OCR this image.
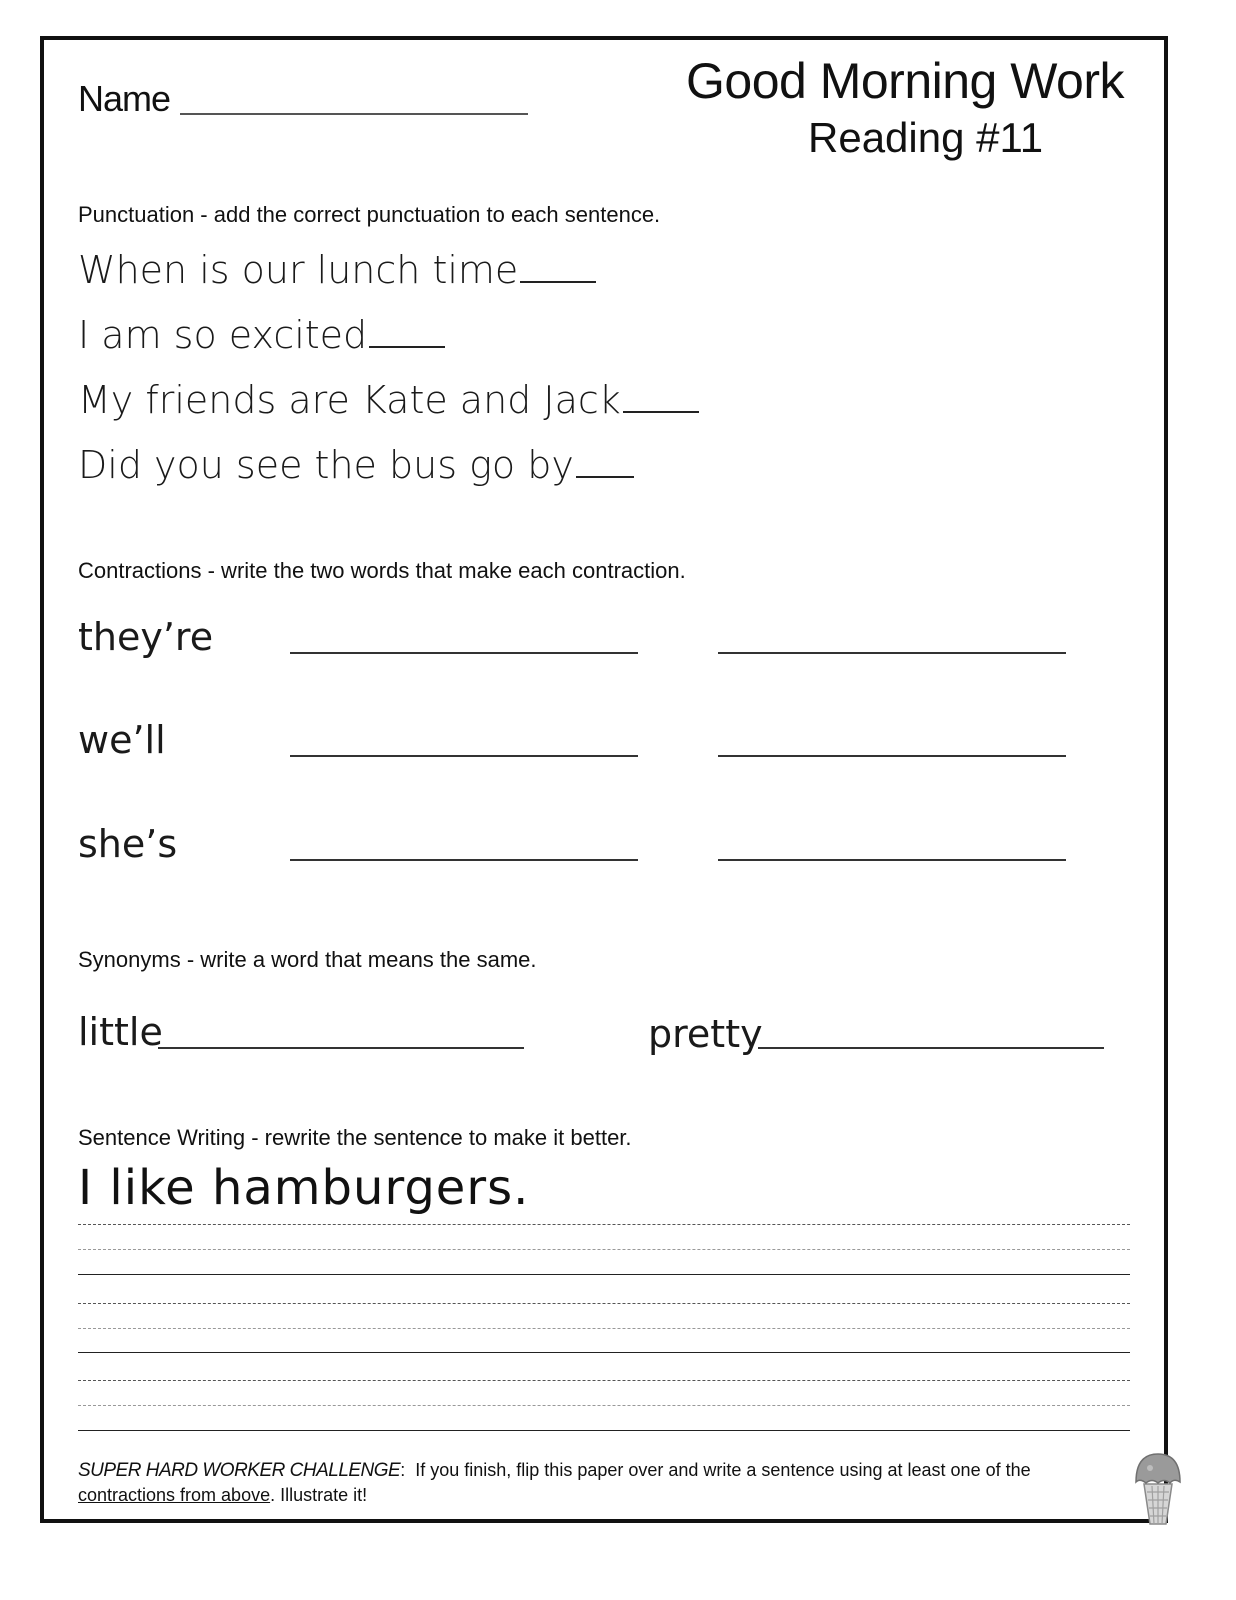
Name	Good Morning Work
Reading #11
Punctuation - add the correct punctuation to each sentence.
When is our lunch time
I am so excited
My friends are Kate and Jack
Did you see the bus go by
Contractions - write the two words that make each contraction.
they’re
we’ll
she’s
Synonyms - write a word that means the same.
little	pretty
Sentence Writing - rewrite the sentence to make it better.
I like hamburgers.
SUPER HARD WORKER CHALLENGE:  If you finish, flip this paper over and write a sentence using at least one of the contractions from above. Illustrate it!
